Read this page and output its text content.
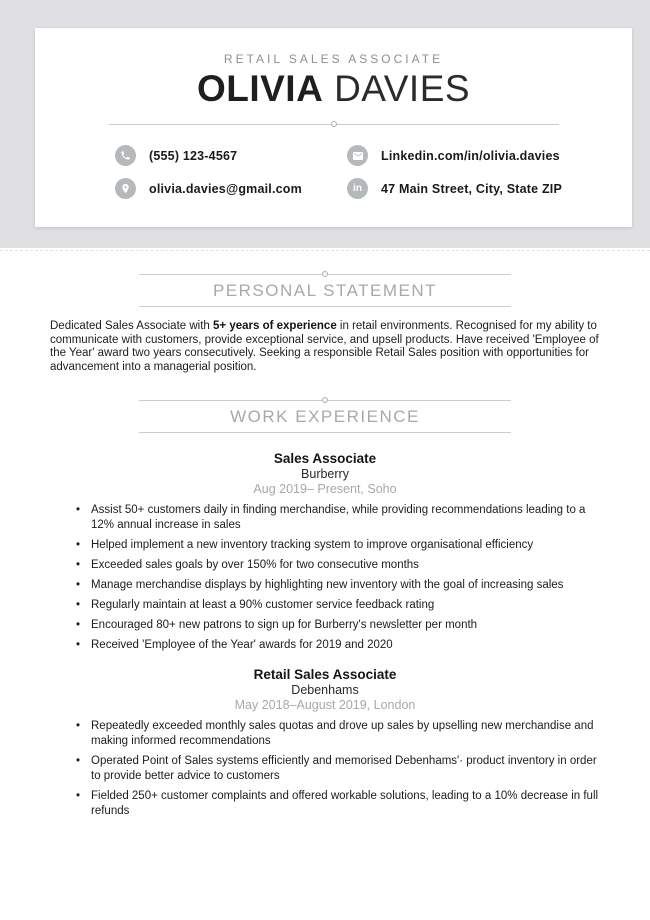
RETAIL SALES ASSOCIATE
OLIVIA DAVIES
(555) 123-4567	Linkedin.com/in/olivia.davies
olivia.davies@gmail.com	in 47 Main Street, City, State ZIP
PERSONAL STATEMENT

Dedicated Sales Associate with 5+ years of experience in retail environments. Recognised for my ability to communicate with customers, provide exceptional service, and upsell products. Have received 'Employee of the Year' award two years consecutively. Seeking a responsible Retail Sales position with opportunities for advancement into a managerial position.

WORK EXPERIENCE
Sales Associate
Burberry
Aug 2019– Present, Soho
• Assist 50+ customers daily in finding merchandise, while providing recommendations leading to a 12% annual increase in sales
• Helped implement a new inventory tracking system to improve organisational efficiency
• Exceeded sales goals by over 150% for two consecutive months
• Manage merchandise displays by highlighting new inventory with the goal of increasing sales
• Regularly maintain at least a 90% customer service feedback rating
• Encouraged 80+ new patrons to sign up for Burberry's newsletter per month
• Received 'Employee of the Year' awards for 2019 and 2020
Retail Sales Associate
Debenhams
May 2018–August 2019, London
• Repeatedly exceeded monthly sales quotas and drove up sales by upselling new merchandise and making informed recommendations
• Operated Point of Sales systems efficiently and memorised Debenhams'· product inventory in order to provide better advice to customers
• Fielded 250+ customer complaints and offered workable solutions, leading to a 10% decrease in full refunds
